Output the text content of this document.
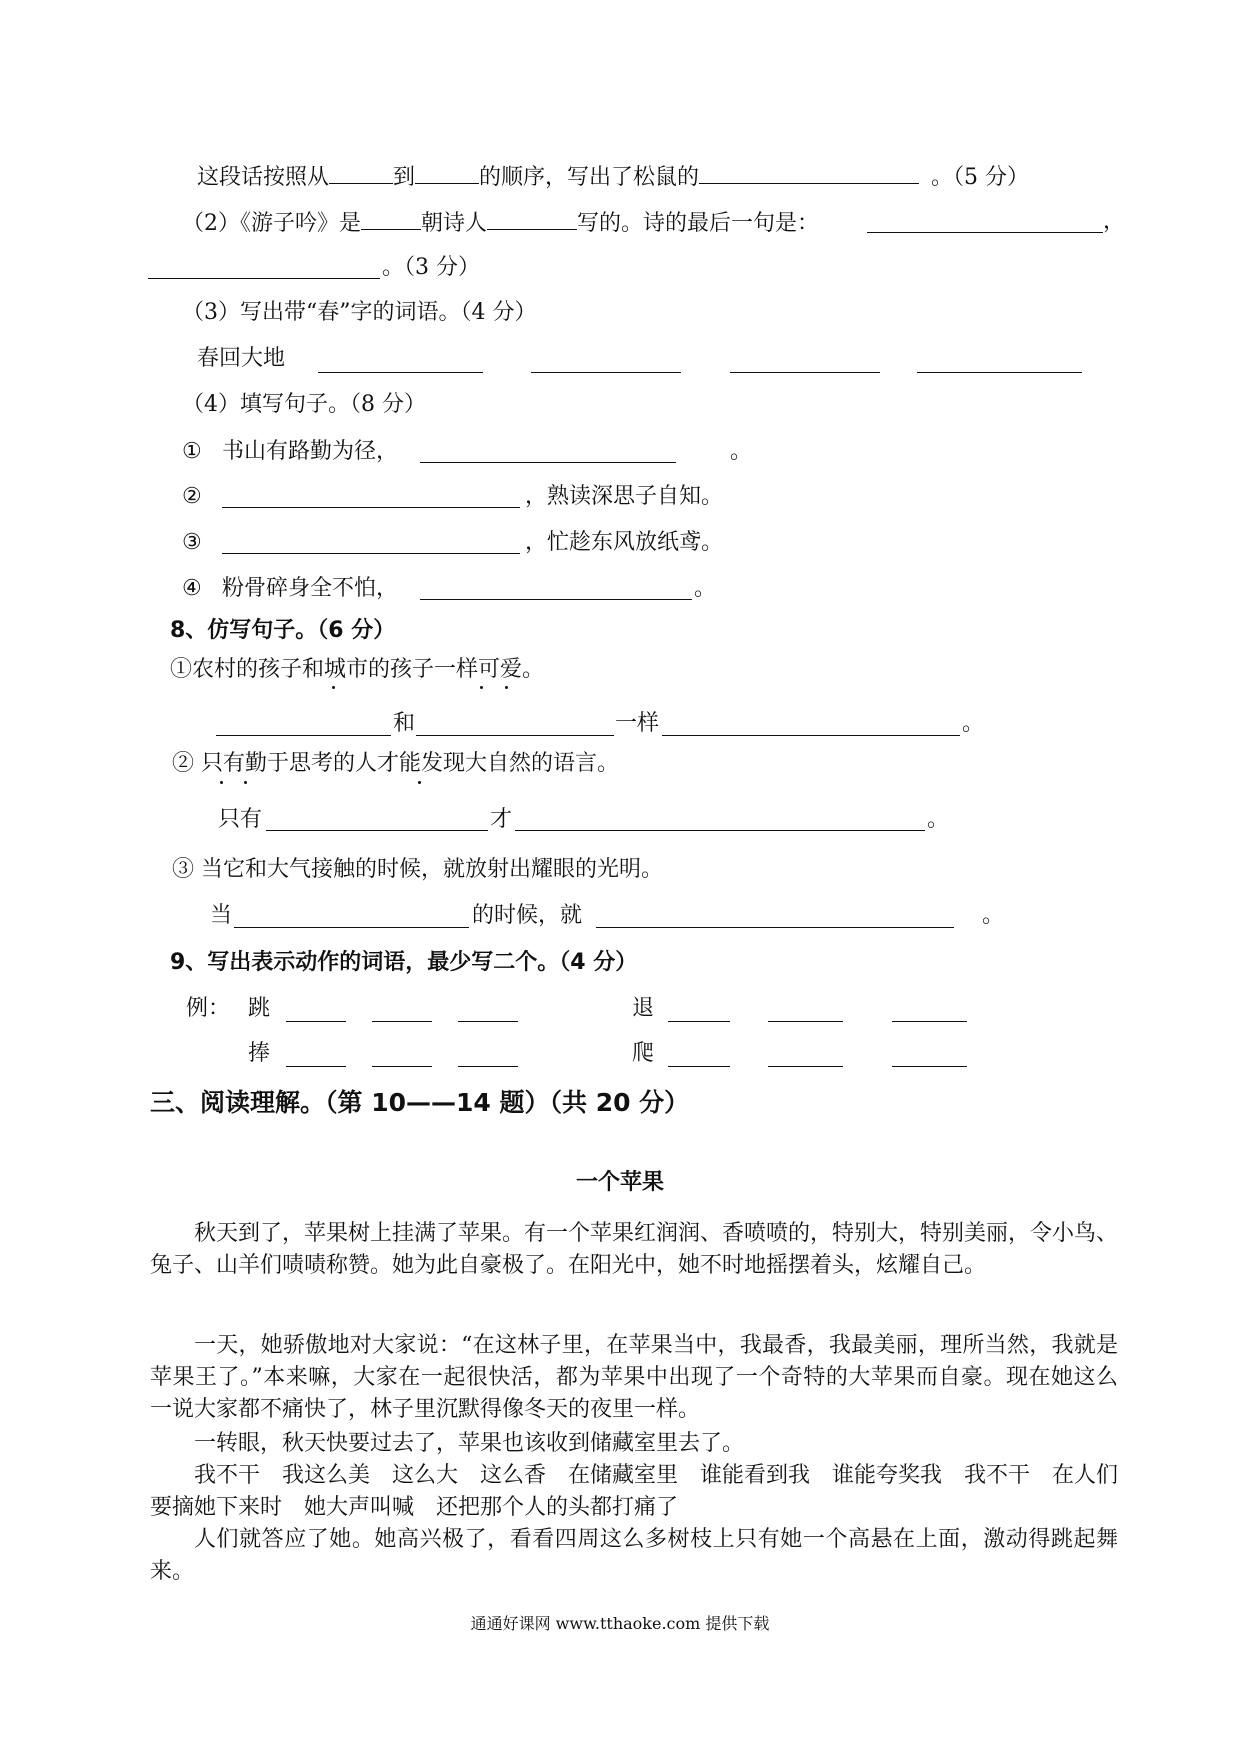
这段话按照从	到	的顺序，写出了松鼠的	。（5 分）
（2）《游子吟》是	朝诗人	写的。诗的最后一句是：	，
。（3 分）
（3）写出带“春”字的词语。（4 分）
春回大地
（4）填写句子。（8 分）
① 书山有路勤为径，	。
②	，熟读深思子自知。
③	，忙趁东风放纸鸢。
④ 粉骨碎身全不怕，	。
8、仿写句子。（6 分）
①农村的孩子和城市的孩子一样可爱。
和	一样	。
② 只有勤于思考的人才能发现大自然的语言。
只有	才	。
③ 当它和大气接触的时候，就放射出耀眼的光明。
当	的时候，就	。
9、写出表示动作的词语，最少写二个。（4 分）
例： 跳	退
捧	爬
三、阅读理解。（第 10——14 题）（共 20 分）
一个苹果
秋天到了，苹果树上挂满了苹果。有一个苹果红润润、香喷喷的，特别大，特别美丽，令小鸟、兔子、山羊们啧啧称赞。她为此自豪极了。在阳光中，她不时地摇摆着头，炫耀自己。
一天，她骄傲地对大家说：“在这林子里，在苹果当中，我最香，我最美丽，理所当然，我就是苹果王了。”本来嘛，大家在一起很快活，都为苹果中出现了一个奇特的大苹果而自豪。现在她这么一说大家都不痛快了，林子里沉默得像冬天的夜里一样。
一转眼，秋天快要过去了，苹果也该收到储藏室里去了。
我不干　我这么美　这么大　这么香　在储藏室里　谁能看到我　谁能夸奖我　我不干　在人们要摘她下来时　她大声叫喊　还把那个人的头都打痛了
人们就答应了她。她高兴极了，看看四周这么多树枝上只有她一个高悬在上面，激动得跳起舞来。
通通好课网 www.tthaoke.com 提供下载
